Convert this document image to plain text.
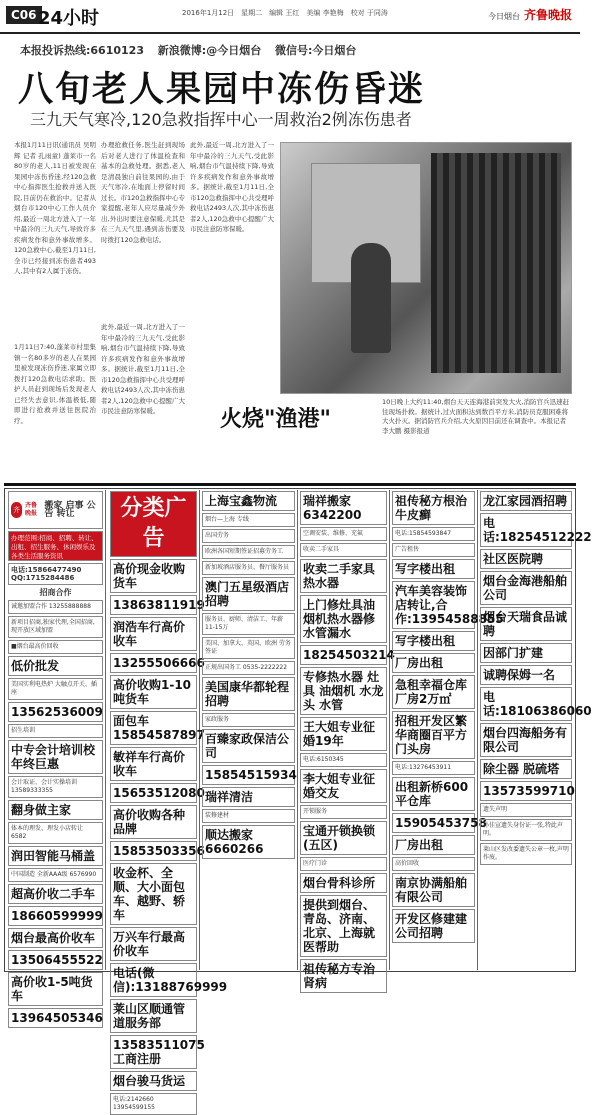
C06 24小时	2016年1月12日　星期二　编辑 王红　美编 李艳梅　校对 于同涛	今日烟台 齐鲁晚报
本报投诉热线:6610123 新浪微博:@今日烟台 微信号:今日烟台
八旬老人果园中冻伤昏迷
三九天气寒冷,120急救指挥中心一周救治2例冻伤患者
本报1月11日讯(通讯员 吴明辉 记者 孔雨童) 蓬莱市一名80岁的老人,11日被发现在果园中冻伤昏迷,经120急救中心指挥医生抢救并送入医院,目前仍在救治中。记者从烟台市120中心工作人员介绍,最近一周北方进入了一年中最冷的三九天气,导致许多疾病发作和意外事故增多。120急救中心,截至1月11日,全市已经接到冻伤患者493人,其中有2人属于冻伤。
1月11日7:40,蓬莱市村里集镇一名80多岁的老人在果园里被发现冻伤昏迷,家属立即拨打120急救电话求助。医护人员赶到现场后发现老人已经失去意识,体温极低,随即进行抢救并送往医院治疗。
办理抢救任务,医生赶到现场后对老人进行了体温检查和基本的急救处理。据悉,老人是清晨独自前往果园的,由于天气寒冷,在地面上停留时间过长。市120急救指挥中心专家提醒,老年人应尽量减少外出,外出时要注意保暖,尤其是在三九天气里,遇到冻伤要及时拨打120急救电话。
此外,最近一周,北方进入了一年中最冷的三九天气,受此影响,烟台市气温持续下降,导致许多疾病发作和意外事故增多。据统计,截至1月11日,全市120急救指挥中心共受理呼救电话2493人次,其中冻伤患者2人,120急救中心提醒广大市民注意防寒保暖。
此外,最近一周,北方进入了一年中最冷的三九天气,受此影响,烟台市气温持续下降,导致许多疾病发作和意外事故增多。据统计,截至1月11日,全市120急救指挥中心共受理呼救电话2493人次,其中冻伤患者2人,120急救中心提醒广大市民注意防寒保暖。
火烧"渔港"
10日晚上大约11:40,烟台天天连海港前突发大火,消防官兵迅速赶往现场扑救。据统计,过火面积达到数百平方米,消防员克服困难将大火扑灭。据消防官兵介绍,大火原因目前还在调查中。本报记者 李大鹏 摄影报道
齐
齐鲁晚报
搬家 启事 公告 转让
办理范围:招商、招聘、转让、出租、招生服务、休闲娱乐及各类生活服务资讯
电话:15866477490 QQ:1715284486
招商合作
诚邀加盟合作 13255888888
新项目招商,独家代理,全国招商,现开放区域加盟
■烟台最高价回收
低价批发
美国实利电热炉 大触点开关、插座
13562536009
招生培训
中专会计培训校年终巨惠
会计取证、会计实操培训 13589333355
翻身做主家
体本的理发、理发小店转让 6582
润田智能马桶盖
中国制造 全新AAA级 6576990
超高价收二手车
18660599999
烟台最高价收车
13506455522
高价收1-5吨货车
13964505346
分类广告
高价现金收购货车
13863811919
润浩车行高价收车
13255506666
高价收购1-10吨货车
面包车15854587897
敏祥车行高价收车
15653512080
高价收购各种品牌
15853503356
收金杯、全顺、大小面包车、越野、轿车
万兴车行最高价收车
电话(微信):13188769999
莱山区顺通管道服务部
13583511075 工商注册
烟台骏马货运
电话:2142660 13954599155
上海宝鑫物流
烟台—上海 专线
出国劳务
欧洲各国短期签证招募劳务工
新加坡酒店服务员、餐厅服务员
澳门五星级酒店招聘
服务员、厨师、清洁工、年薪11-15万
美国、加拿大、英国、欧洲 劳务签证
正规出国务工 0535-2222222
美国康华都轮程招聘
家政服务
百臻家政保洁公司
15854515934
瑞祥清洁
装修建材
顺达搬家 6660266
瑞祥搬家 6342200
空调安装、维修、充氟
收卖二手家具
收卖二手家具热水器
上门修灶具油烟机热水器修水管漏水
18254503214
专修热水器 灶具 油烟机 水龙头 水管
王大姐专业征婚19年
电话:6150345
李大姐专业征婚交友
开锁服务
宝通开锁换锁(五区)
医疗门诊
烟台骨科诊所
提供到烟台、青岛、济南、北京、上海就医帮助
祖传秘方专治肾病
祖传秘方根治牛皮癣
电话:15854593847
广告租售
写字楼出租
汽车美容装饰店转让,合作:13954588855
写字楼出租
厂房出租
急租幸福仓库厂房2万㎡
招租开发区繁华商圈百平方门头房
电话:13276453911
出租新桥600平仓库
15905453758
厂房出租
高价回收
南京协满船舶有限公司
开发区修建建公司招聘
龙江家园酒招聘
电话:18254512222
社区医院聘
烟台金海港船舶公司
烟台天瑞食品诚聘
因部门扩建
诚聘保姆一名
电话:18106386060
烟台四海船务有限公司
除尘器 脱硫塔
13573599710
遗失声明
孙佳宣遗失身份证一张,特此声明。
莱山区发改委遗失公章一枚,声明作废。
